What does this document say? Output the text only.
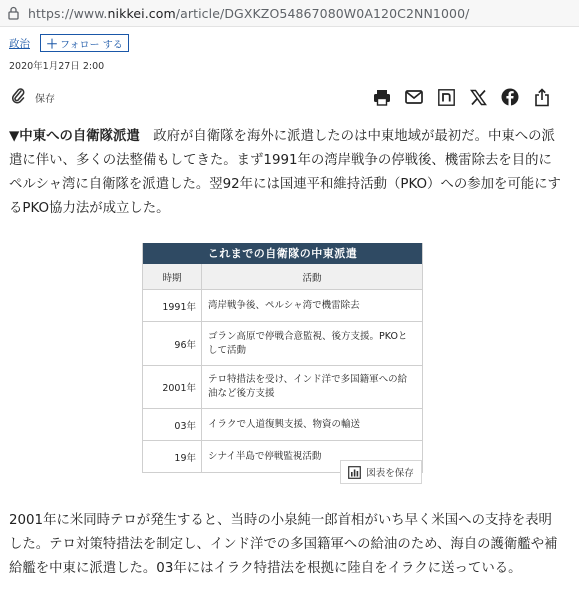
https://www.nikkei.com/article/DGXKZO54867080W0A120C2NN1000/
政治 ＋ フォロー する
2020年1月27日 2:00
保存
▼中東への自衛隊派遣　政府が自衛隊を海外に派遣したのは中東地域が最初だ。中東への派遣に伴い、多くの法整備もしてきた。まず1991年の湾岸戦争の停戦後、機雷除去を目的にペルシャ湾に自衛隊を派遣した。翌92年には国連平和維持活動（PKO）への参加を可能にするPKO協力法が成立した。
これまでの自衛隊の中東派遣
時期	活動
1991年	湾岸戦争後、ペルシャ湾で機雷除去
96年	ゴラン高原で停戦合意監視、後方支援。PKOとして活動
2001年	テロ特措法を受け、インド洋で多国籍軍への給油など後方支援
03年	イラクで人道復興支援、物資の輸送
19年	シナイ半島で停戦監視活動
図表を保存
2001年に米同時テロが発生すると、当時の小泉純一郎首相がいち早く米国への支持を表明した。テロ対策特措法を制定し、インド洋での多国籍軍への給油のため、海自の護衛艦や補給艦を中東に派遣した。03年にはイラク特措法を根拠に陸自をイラクに送っている。
